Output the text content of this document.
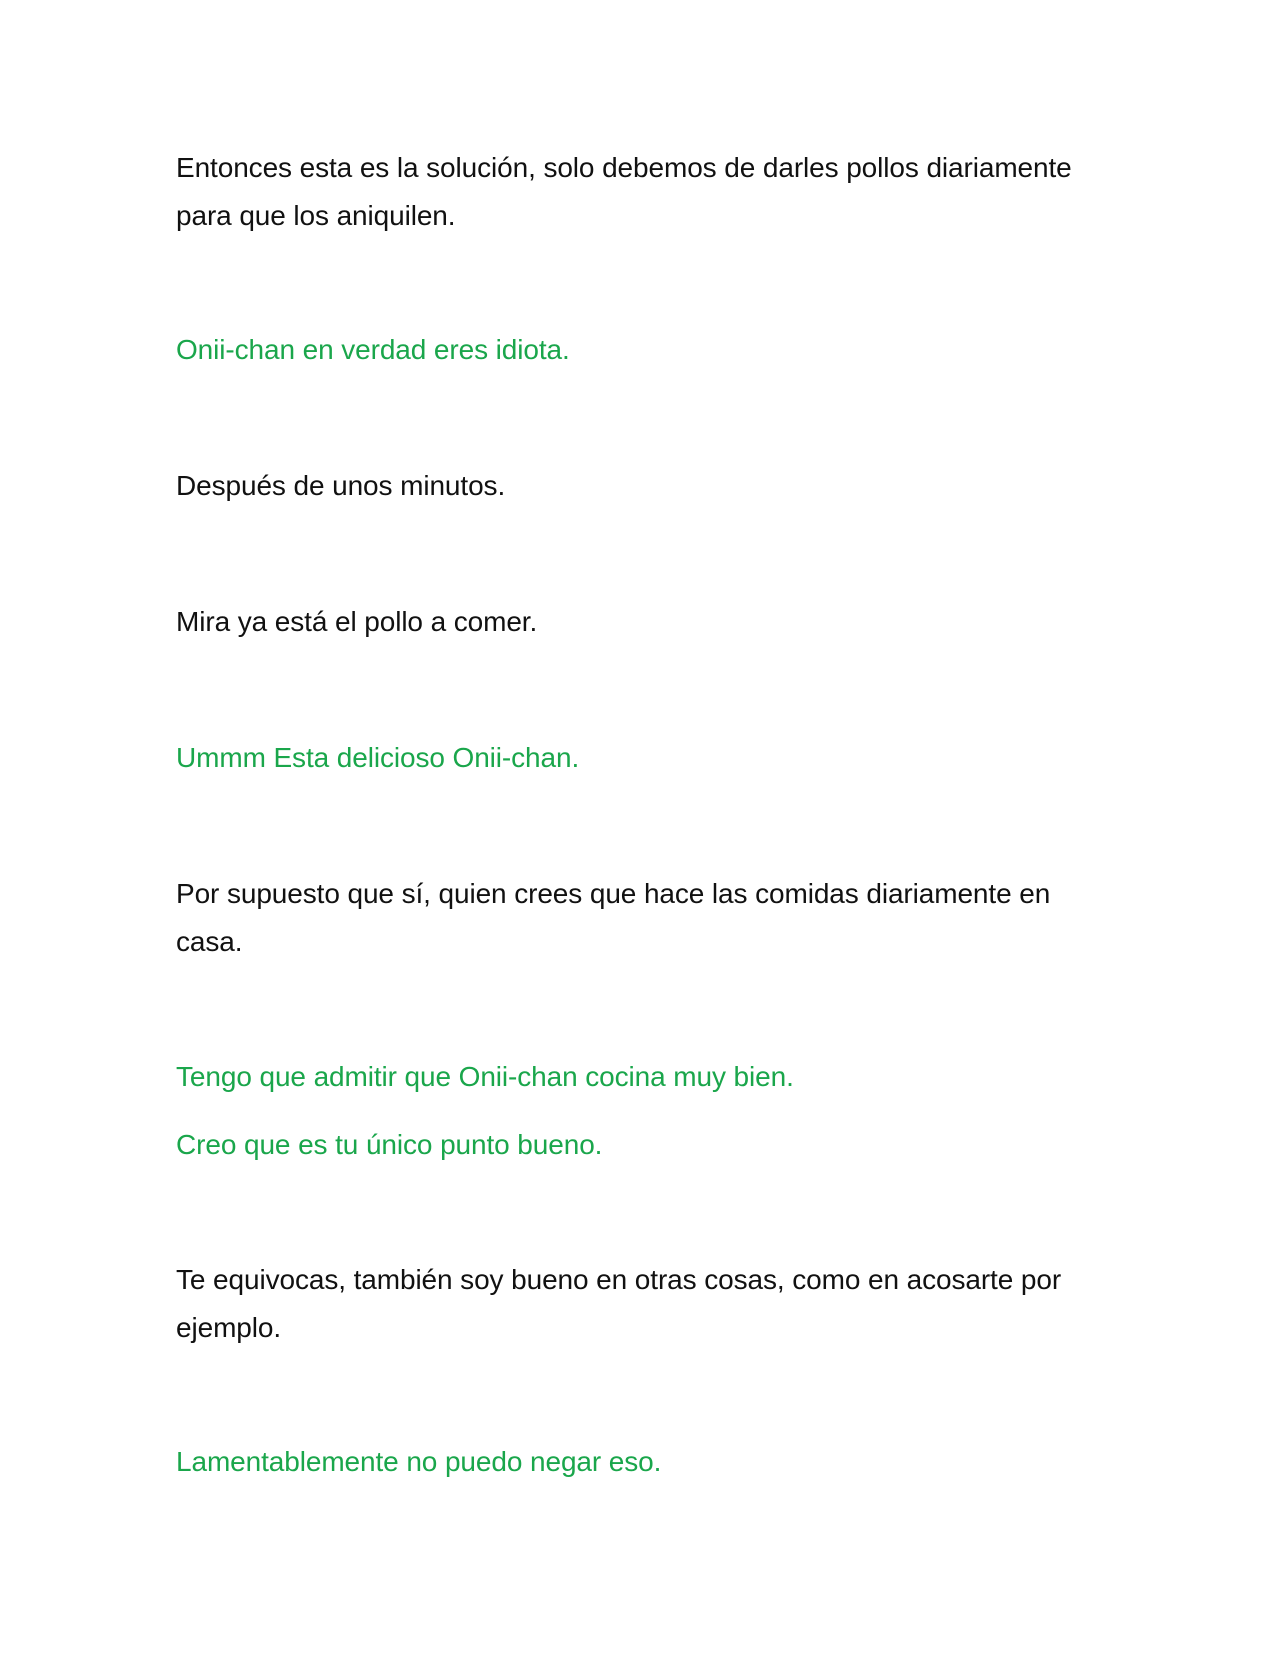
Entonces esta es la solución, solo debemos de darles pollos diariamente para que los aniquilen.

Onii-chan en verdad eres idiota.

Después de unos minutos.

Mira ya está el pollo a comer.

Ummm Esta delicioso Onii-chan.

Por supuesto que sí, quien crees que hace las comidas diariamente en casa.

Tengo que admitir que Onii-chan cocina muy bien.

Creo que es tu único punto bueno.

Te equivocas, también soy bueno en otras cosas, como en acosarte por ejemplo.

Lamentablemente no puedo negar eso.
